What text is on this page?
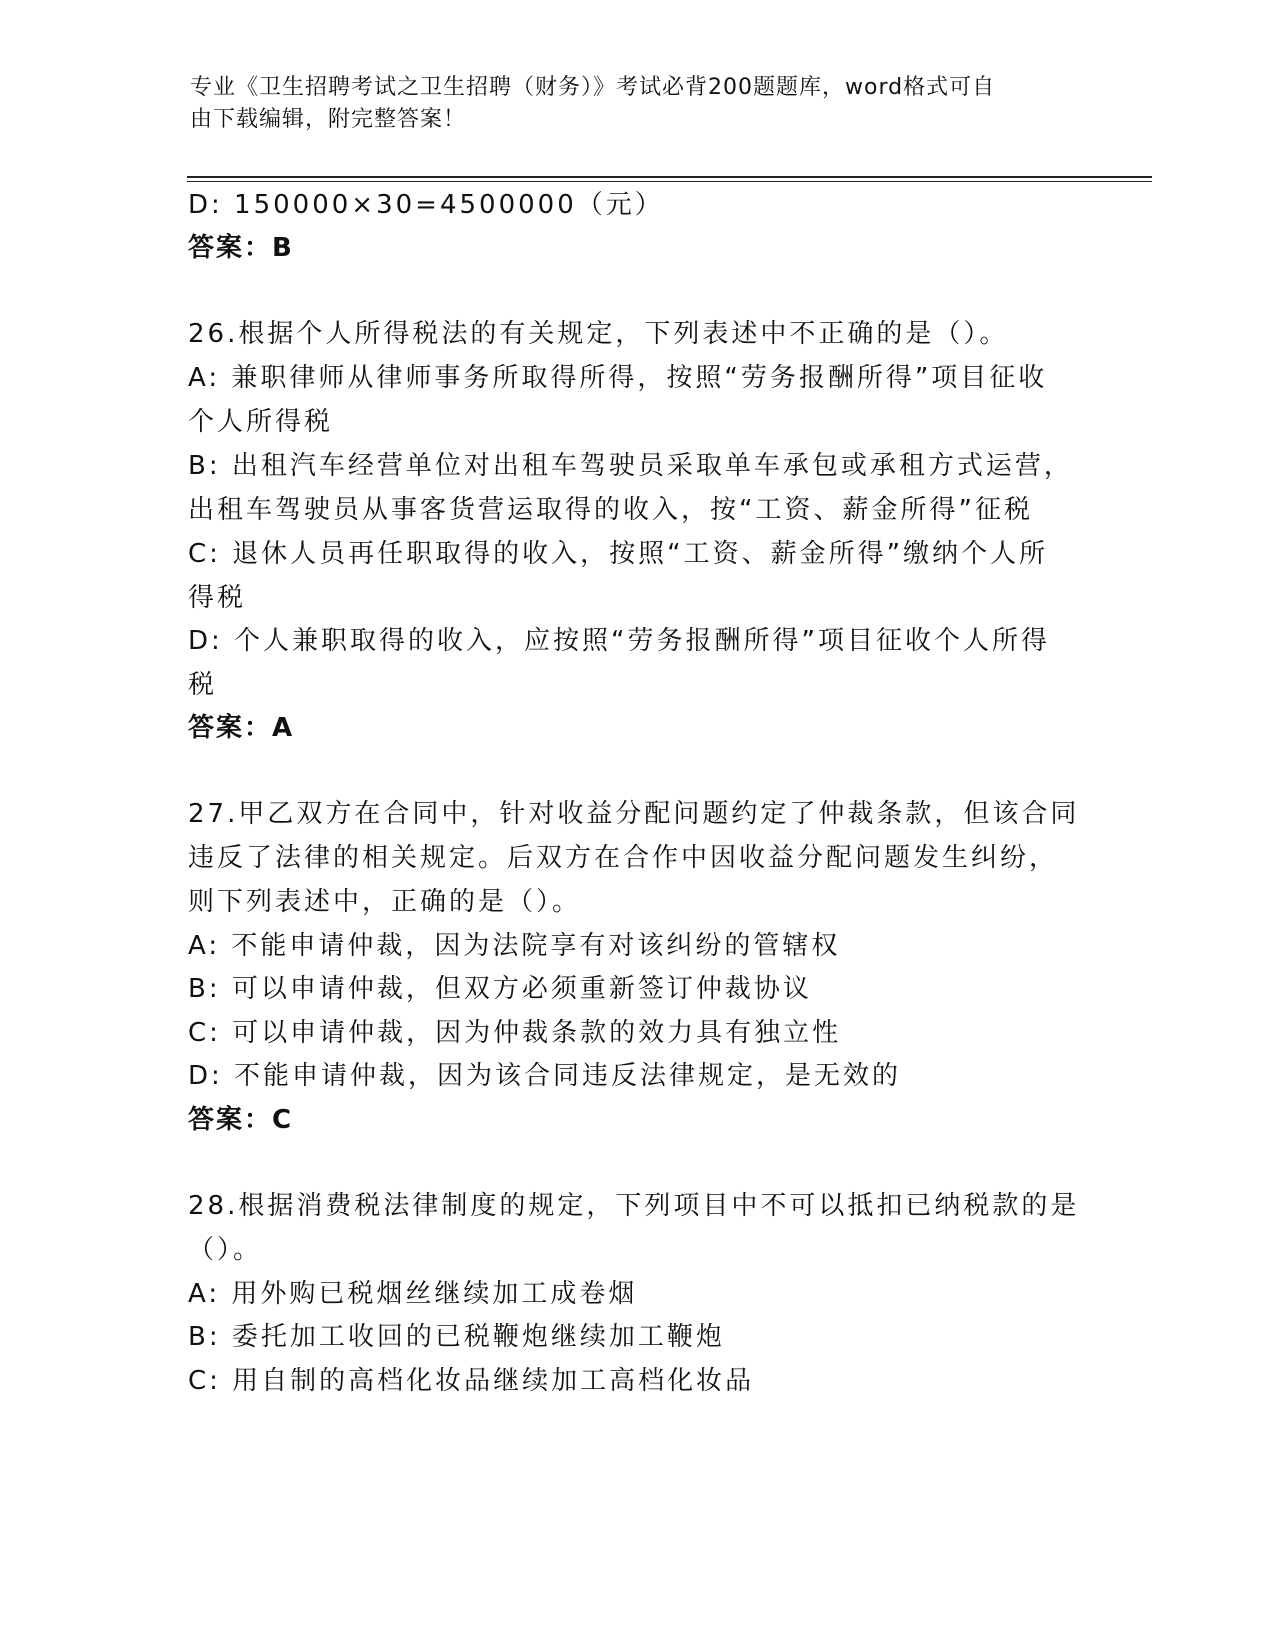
专业《卫生招聘考试之卫生招聘（财务）》考试必背200题题库，word格式可自
由下载编辑，附完整答案！
D: 150000×30=4500000（元）
答案：B
26.根据个人所得税法的有关规定，下列表述中不正确的是（）。
A: 兼职律师从律师事务所取得所得，按照“劳务报酬所得”项目征收
个人所得税
B: 出租汽车经营单位对出租车驾驶员采取单车承包或承租方式运营，
出租车驾驶员从事客货营运取得的收入，按“工资、薪金所得”征税
C: 退休人员再任职取得的收入，按照“工资、薪金所得”缴纳个人所
得税
D: 个人兼职取得的收入，应按照“劳务报酬所得”项目征收个人所得
税
答案：A
27.甲乙双方在合同中，针对收益分配问题约定了仲裁条款，但该合同
违反了法律的相关规定。后双方在合作中因收益分配问题发生纠纷，
则下列表述中，正确的是（）。
A: 不能申请仲裁，因为法院享有对该纠纷的管辖权
B: 可以申请仲裁，但双方必须重新签订仲裁协议
C: 可以申请仲裁，因为仲裁条款的效力具有独立性
D: 不能申请仲裁，因为该合同违反法律规定，是无效的
答案：C
28.根据消费税法律制度的规定，下列项目中不可以抵扣已纳税款的是
（）。
A: 用外购已税烟丝继续加工成卷烟
B: 委托加工收回的已税鞭炮继续加工鞭炮
C: 用自制的高档化妆品继续加工高档化妆品
